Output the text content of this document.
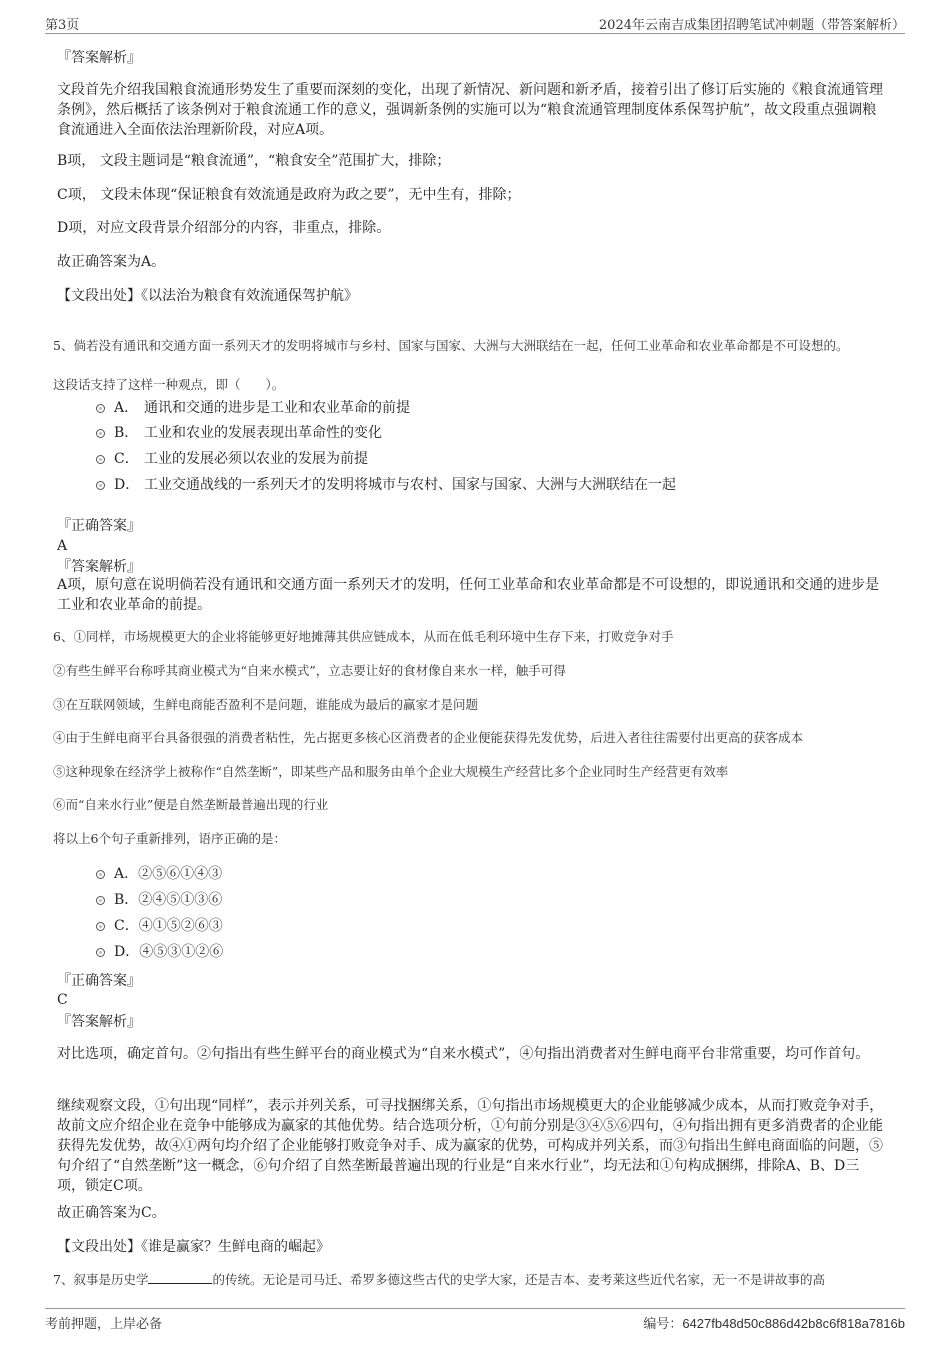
第3页	2024年云南吉成集团招聘笔试冲刺题（带答案解析）
『答案解析』
文段首先介绍我国粮食流通形势发生了重要而深刻的变化，出现了新情况、新问题和新矛盾，接着引出了修订后实施的《粮食流通管理条例》，然后概括了该条例对于粮食流通工作的意义，强调新条例的实施可以为“粮食流通管理制度体系保驾护航”，故文段重点强调粮食流通进入全面依法治理新阶段，对应A项。
B项， 文段主题词是“粮食流通”，“粮食安全”范围扩大，排除；
C项， 文段未体现“保证粮食有效流通是政府为政之要”，无中生有，排除；
D项，对应文段背景介绍部分的内容，非重点，排除。
故正确答案为A。
【文段出处】《以法治为粮食有效流通保驾护航》
5、倘若没有通讯和交通方面一系列天才的发明将城市与乡村、国家与国家、大洲与大洲联结在一起，任何工业革命和农业革命都是不可设想的。
这段话支持了这样一种观点，即（　　）。
A． 通讯和交通的进步是工业和农业革命的前提
B． 工业和农业的发展表现出革命性的变化
C． 工业的发展必须以农业的发展为前提
D． 工业交通战线的一系列天才的发明将城市与农村、国家与国家、大洲与大洲联结在一起
『正确答案』
A
『答案解析』
A项，原句意在说明倘若没有通讯和交通方面一系列天才的发明，任何工业革命和农业革命都是不可设想的，即说通讯和交通的进步是工业和农业革命的前提。
6、①同样，市场规模更大的企业将能够更好地摊薄其供应链成本，从而在低毛利环境中生存下来，打败竞争对手
②有些生鲜平台称呼其商业模式为“自来水模式”，立志要让好的食材像自来水一样，触手可得
③在互联网领域，生鲜电商能否盈利不是问题，谁能成为最后的赢家才是问题
④由于生鲜电商平台具备很强的消费者粘性，先占据更多核心区消费者的企业便能获得先发优势，后进入者往往需要付出更高的获客成本
⑤这种现象在经济学上被称作“自然垄断”，即某些产品和服务由单个企业大规模生产经营比多个企业同时生产经营更有效率
⑥而“自来水行业”便是自然垄断最普遍出现的行业
将以上6个句子重新排列，语序正确的是：
A．②⑤⑥①④③
B．②④⑤①③⑥
C．④①⑤②⑥③
D．④⑤③①②⑥
『正确答案』
C
『答案解析』
对比选项，确定首句。②句指出有些生鲜平台的商业模式为“自来水模式”，④句指出消费者对生鲜电商平台非常重要，均可作首句。
继续观察文段，①句出现“同样”，表示并列关系，可寻找捆绑关系，①句指出市场规模更大的企业能够减少成本，从而打败竞争对手，故前文应介绍企业在竞争中能够成为赢家的其他优势。结合选项分析，①句前分别是③④⑤⑥四句，④句指出拥有更多消费者的企业能获得先发优势，故④①两句均介绍了企业能够打败竞争对手、成为赢家的优势，可构成并列关系，而③句指出生鲜电商面临的问题，⑤句介绍了“自然垄断”这一概念，⑥句介绍了自然垄断最普遍出现的行业是“自来水行业”，均无法和①句构成捆绑，排除A、B、D三项，锁定C项。
故正确答案为C。
【文段出处】《谁是赢家？生鲜电商的崛起》
7、叙事是历史学	的传统。无论是司马迁、希罗多德这些古代的史学大家，还是吉本、麦考莱这些近代名家，无一不是讲故事的高
考前押题，上岸必备	编号：6427fb48d50c886d42b8c6f818a7816b
